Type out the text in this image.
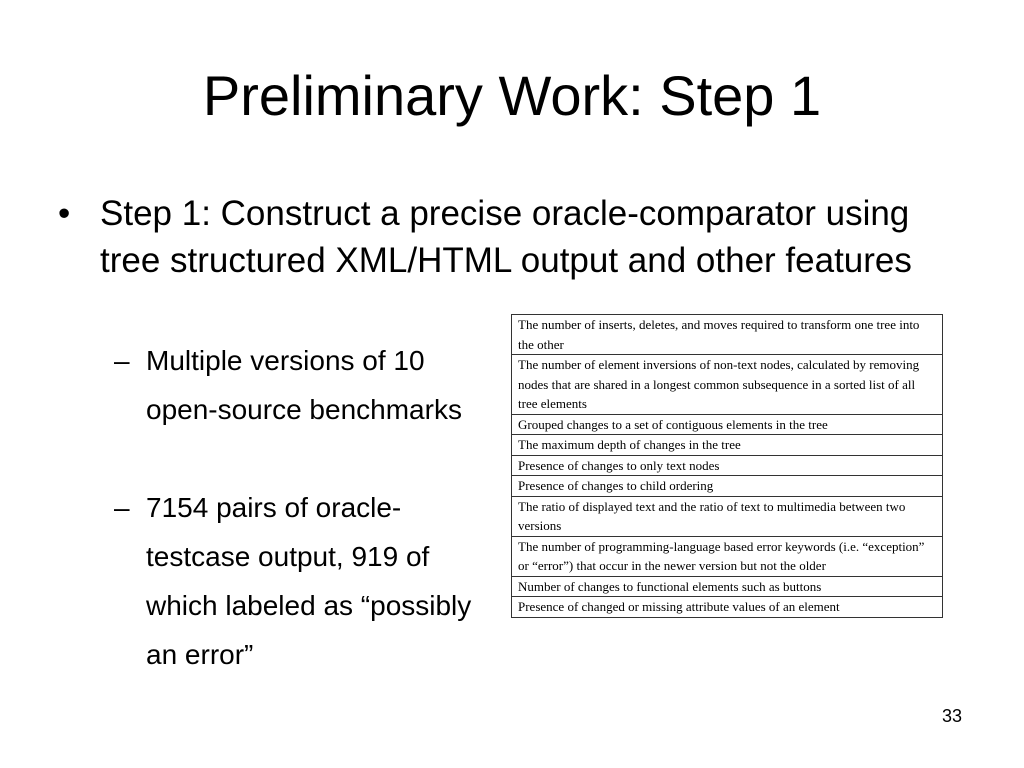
Preliminary Work: Step 1
• Step 1: Construct a precise oracle-comparator using tree structured XML/HTML output and other features
– Multiple versions of 10 open-source benchmarks
– 7154 pairs of oracle-testcase output, 919 of which labeled as “possibly an error”
The number of inserts, deletes, and moves required to transform one tree into the other
The number of element inversions of non-text nodes, calculated by removing nodes that are shared in a longest common subsequence in a sorted list of all tree elements
Grouped changes to a set of contiguous elements in the tree
The maximum depth of changes in the tree
Presence of changes to only text nodes
Presence of changes to child ordering
The ratio of displayed text and the ratio of text to multimedia between two versions
The number of programming-language based error keywords (i.e. “exception” or “error”) that occur in the newer version but not the older
Number of changes to functional elements such as buttons
Presence of changed or missing attribute values of an element
33
